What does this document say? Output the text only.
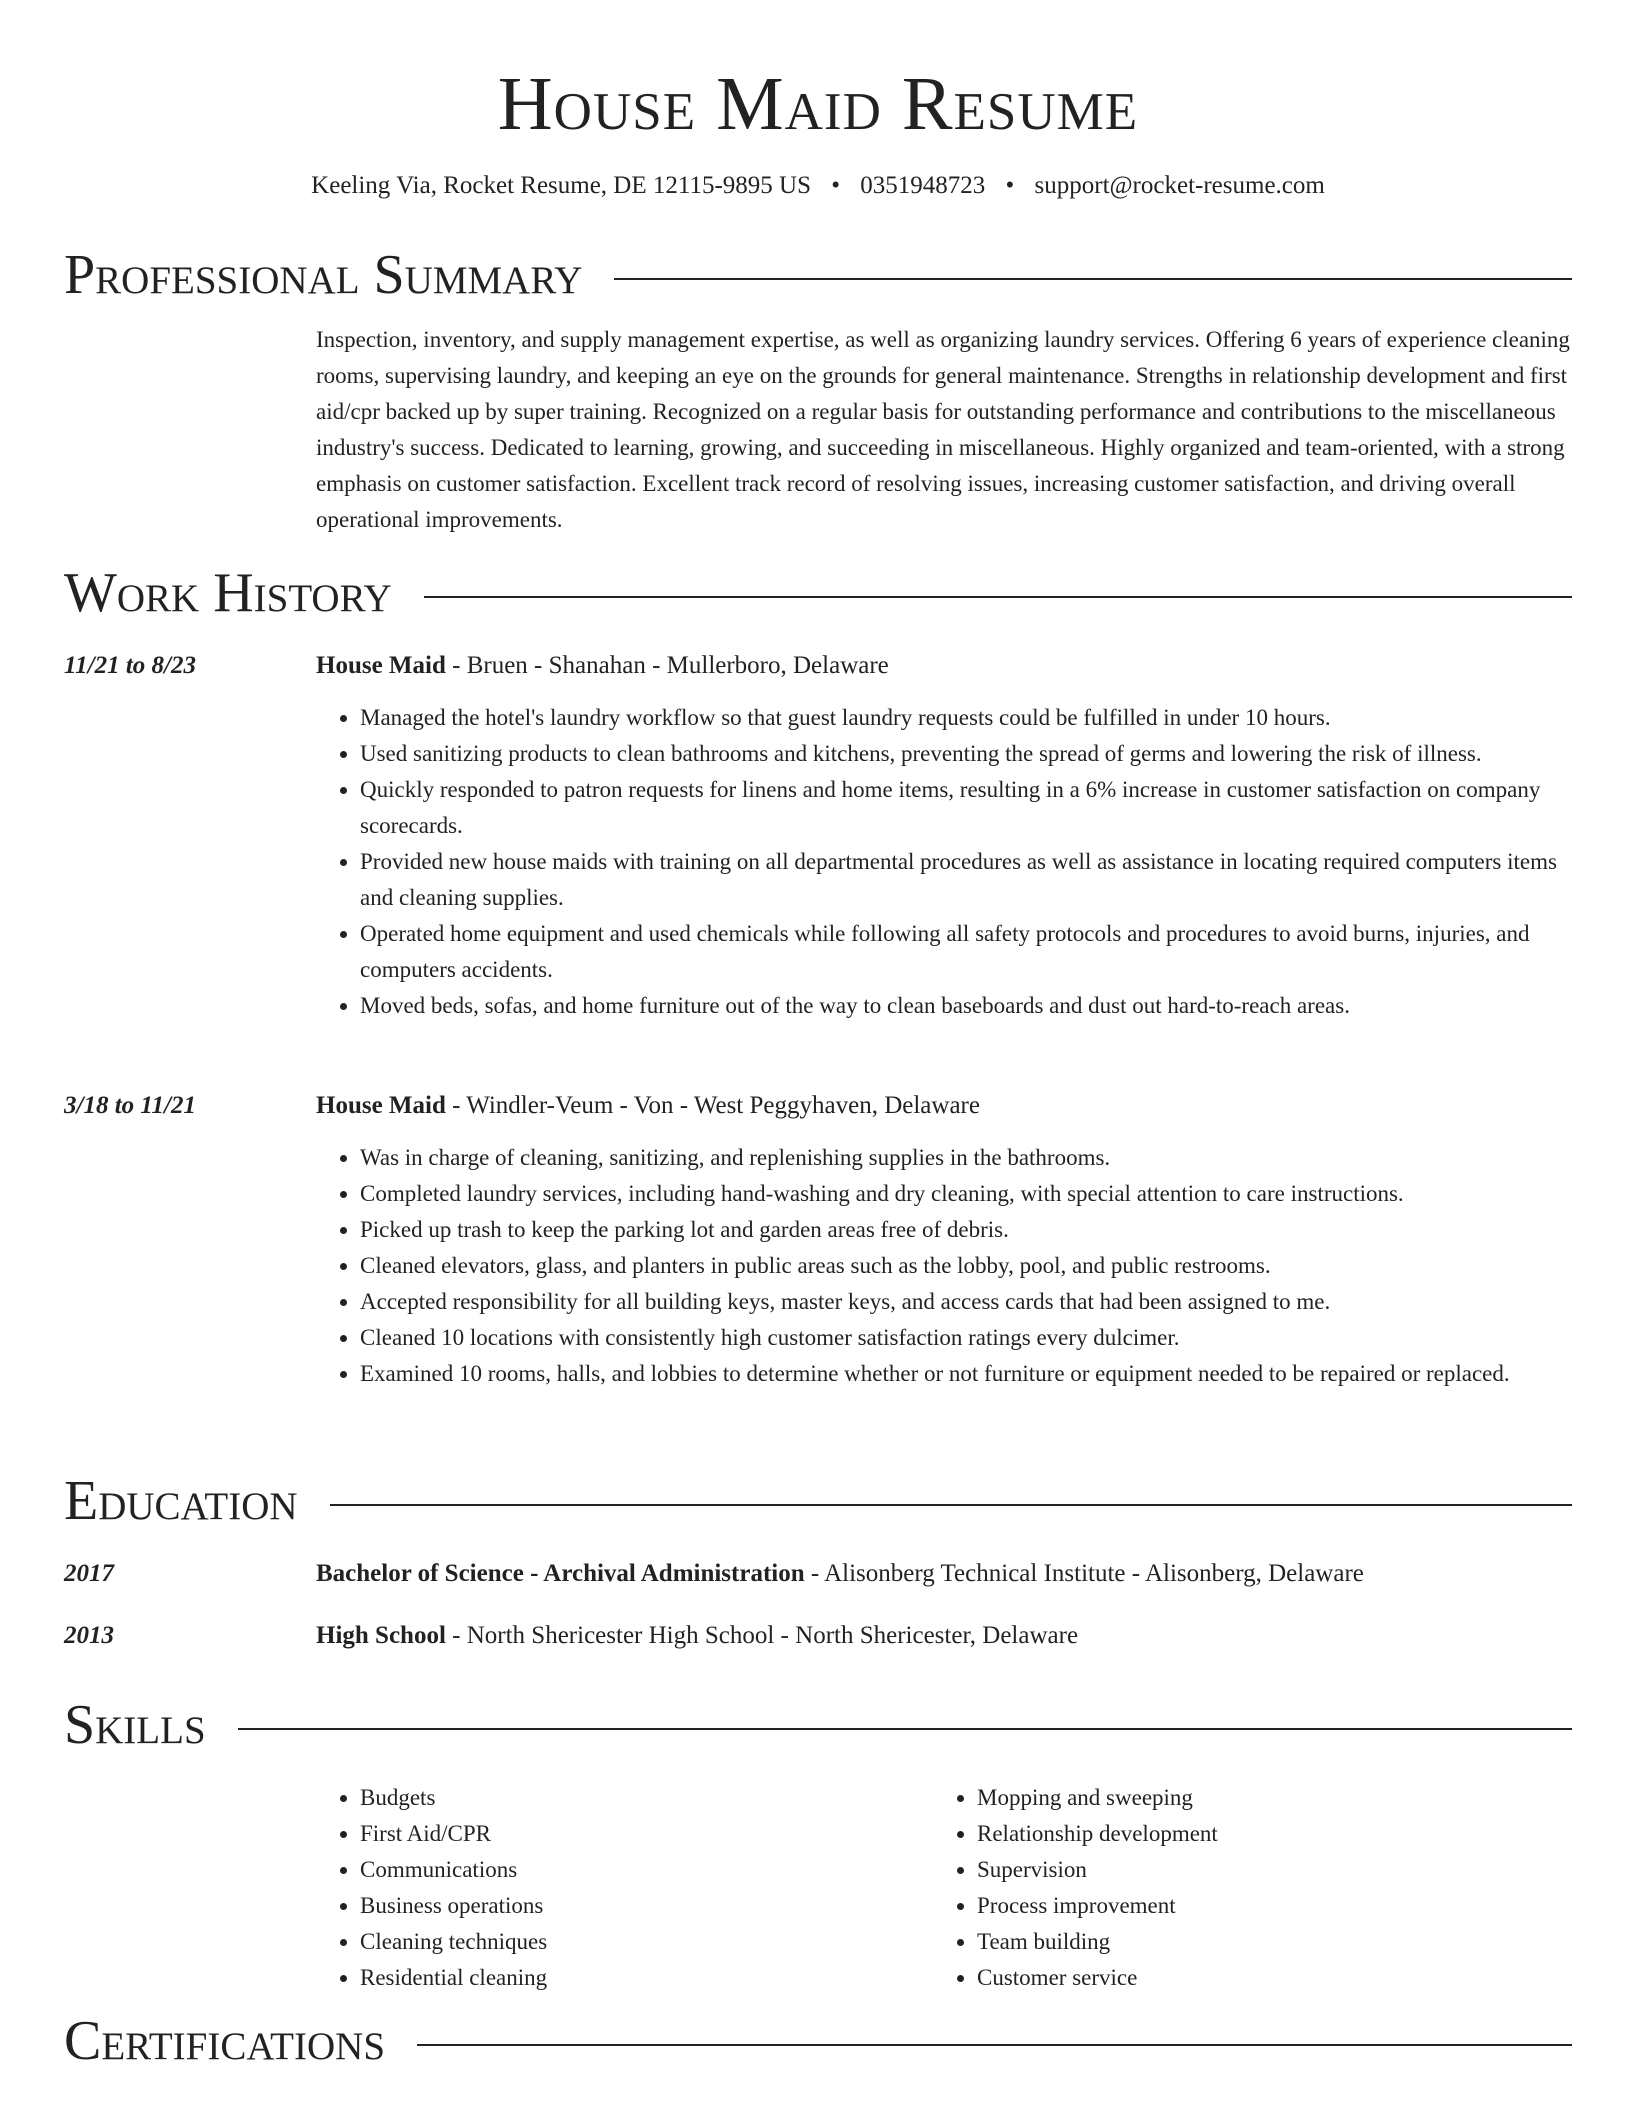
House Maid Resume
Keeling Via, Rocket Resume, DE 12115-9895 US • 0351948723 • support@rocket-resume.com
Professional Summary

Inspection, inventory, and supply management expertise, as well as organizing laundry services. Offering 6 years of experience cleaning rooms, supervising laundry, and keeping an eye on the grounds for general maintenance. Strengths in relationship development and first aid/cpr backed up by super training. Recognized on a regular basis for outstanding performance and contributions to the miscellaneous industry's success. Dedicated to learning, growing, and succeeding in miscellaneous. Highly organized and team-oriented, with a strong emphasis on customer satisfaction. Excellent track record of resolving issues, increasing customer satisfaction, and driving overall operational improvements.

Work History
11/21 to 8/23	House Maid - Bruen - Shanahan - Mullerboro, Delaware
• Managed the hotel's laundry workflow so that guest laundry requests could be fulfilled in under 10 hours.
• Used sanitizing products to clean bathrooms and kitchens, preventing the spread of germs and lowering the risk of illness.
• Quickly responded to patron requests for linens and home items, resulting in a 6% increase in customer satisfaction on company scorecards.
• Provided new house maids with training on all departmental procedures as well as assistance in locating required computers items and cleaning supplies.
• Operated home equipment and used chemicals while following all safety protocols and procedures to avoid burns, injuries, and computers accidents.
• Moved beds, sofas, and home furniture out of the way to clean baseboards and dust out hard-to-reach areas.
3/18 to 11/21	House Maid - Windler-Veum - Von - West Peggyhaven, Delaware
• Was in charge of cleaning, sanitizing, and replenishing supplies in the bathrooms.
• Completed laundry services, including hand-washing and dry cleaning, with special attention to care instructions.
• Picked up trash to keep the parking lot and garden areas free of debris.
• Cleaned elevators, glass, and planters in public areas such as the lobby, pool, and public restrooms.
• Accepted responsibility for all building keys, master keys, and access cards that had been assigned to me.
• Cleaned 10 locations with consistently high customer satisfaction ratings every dulcimer.
• Examined 10 rooms, halls, and lobbies to determine whether or not furniture or equipment needed to be repaired or replaced.
Education
2017	Bachelor of Science - Archival Administration - Alisonberg Technical Institute - Alisonberg, Delaware
2013	High School - North Shericester High School - North Shericester, Delaware
Skills
• Budgets
• First Aid/CPR
• Communications
• Business operations
• Cleaning techniques
• Residential cleaning
• Mopping and sweeping
• Relationship development
• Supervision
• Process improvement
• Team building
• Customer service
Certifications
